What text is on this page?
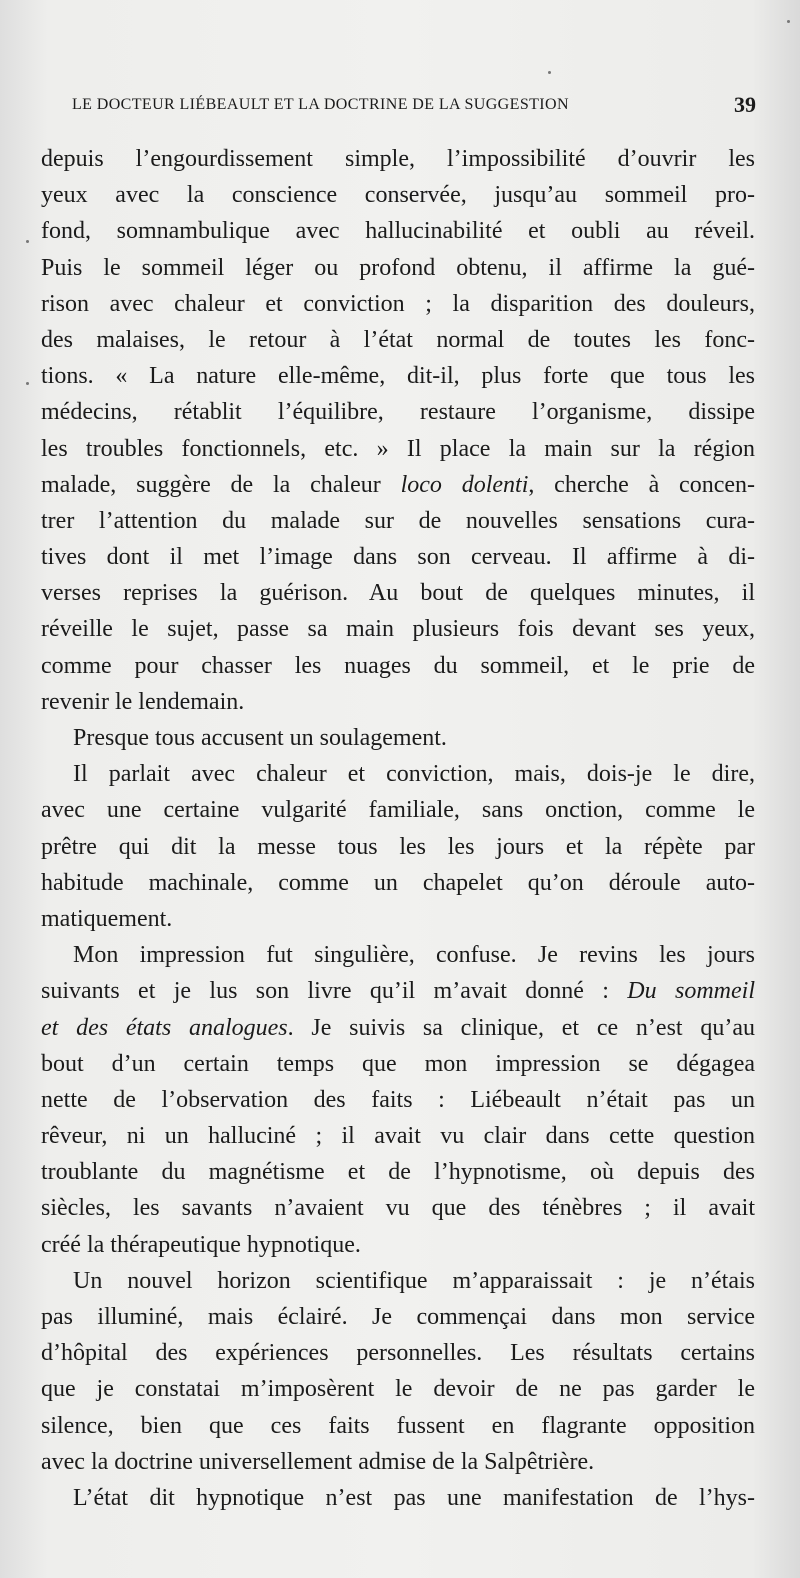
LE DOCTEUR LIÉBEAULT ET LA DOCTRINE DE LA SUGGESTION	39
depuis l’engourdissement simple, l’impossibilité d’ouvrir les
yeux avec la conscience conservée, jusqu’au sommeil pro-
fond, somnambulique avec hallucinabilité et oubli au réveil.
Puis le sommeil léger ou profond obtenu, il affirme la gué-
rison avec chaleur et conviction ; la disparition des douleurs,
des malaises, le retour à l’état normal de toutes les fonc-
tions. « La nature elle-même, dit-il, plus forte que tous les
médecins, rétablit l’équilibre, restaure l’organisme, dissipe
les troubles fonctionnels, etc. » Il place la main sur la région
malade, suggère de la chaleur loco dolenti, cherche à concen-
trer l’attention du malade sur de nouvelles sensations cura-
tives dont il met l’image dans son cerveau. Il affirme à di-
verses reprises la guérison. Au bout de quelques minutes, il
réveille le sujet, passe sa main plusieurs fois devant ses yeux,
comme pour chasser les nuages du sommeil, et le prie de
revenir le lendemain.
Presque tous accusent un soulagement.
Il parlait avec chaleur et conviction, mais, dois-je le dire,
avec une certaine vulgarité familiale, sans onction, comme le
prêtre qui dit la messe tous les les jours et la répète par
habitude machinale, comme un chapelet qu’on déroule auto-
matiquement.
Mon impression fut singulière, confuse. Je revins les jours
suivants et je lus son livre qu’il m’avait donné : Du sommeil
et des états analogues. Je suivis sa clinique, et ce n’est qu’au
bout d’un certain temps que mon impression se dégagea
nette de l’observation des faits : Liébeault n’était pas un
rêveur, ni un halluciné ; il avait vu clair dans cette question
troublante du magnétisme et de l’hypnotisme, où depuis des
siècles, les savants n’avaient vu que des ténèbres ; il avait
créé la thérapeutique hypnotique.
Un nouvel horizon scientifique m’apparaissait : je n’étais
pas illuminé, mais éclairé. Je commençai dans mon service
d’hôpital des expériences personnelles. Les résultats certains
que je constatai m’imposèrent le devoir de ne pas garder le
silence, bien que ces faits fussent en flagrante opposition
avec la doctrine universellement admise de la Salpêtrière.
L’état dit hypnotique n’est pas une manifestation de l’hys-
